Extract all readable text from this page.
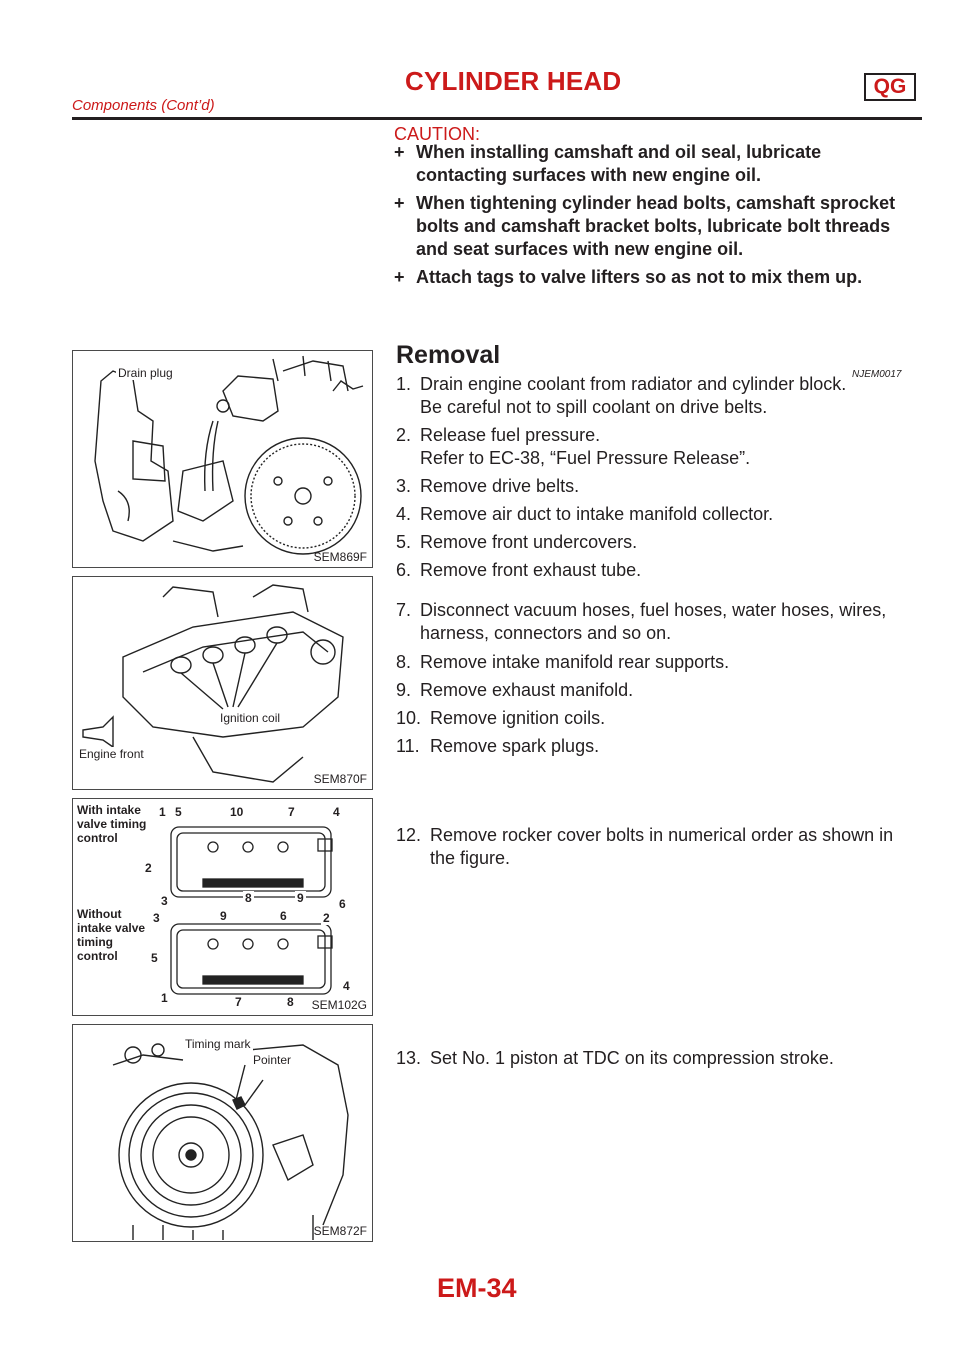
CYLINDER HEAD	QG
Components (Cont’d)
CAUTION:
+ When installing camshaft and oil seal, lubricate contacting surfaces with new engine oil.
+ When tightening cylinder head bolts, camshaft sprocket bolts and camshaft bracket bolts, lubricate bolt threads and seat surfaces with new engine oil.
+ Attach tags to valve lifters so as not to mix them up.
Drain plug
SEM869F
Ignition coil
Engine front
SEM870F
With intake valve timing control
Without intake valve timing control
1 5	10	7	4
2
3	8	9	6
3	9	6	2
5
4
1	7	8 SEM102G
Timing mark
Pointer
SEM872F
Removal
NJEM0017
1. Drain engine coolant from radiator and cylinder block.
Be careful not to spill coolant on drive belts.
2. Release fuel pressure.
Refer to EC-38, “Fuel Pressure Release”.
3. Remove drive belts.
4. Remove air duct to intake manifold collector.
5. Remove front undercovers.
6. Remove front exhaust tube.
7. Disconnect vacuum hoses, fuel hoses, water hoses, wires, harness, connectors and so on.
8. Remove intake manifold rear supports.
9. Remove exhaust manifold.
10. Remove ignition coils.
11. Remove spark plugs.
12. Remove rocker cover bolts in numerical order as shown in the figure.
13. Set No. 1 piston at TDC on its compression stroke.
EM-34
